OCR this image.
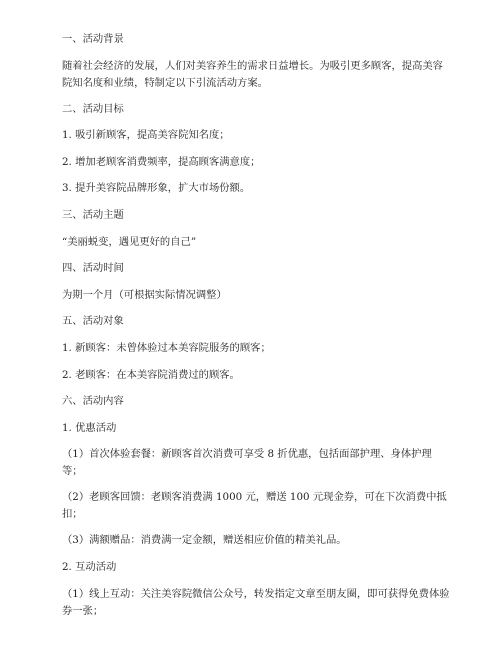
一、活动背景

随着社会经济的发展，人们对美容养生的需求日益增长。为吸引更多顾客，提高美容院知名度和业绩，特制定以下引流活动方案。

二、活动目标

1. 吸引新顾客，提高美容院知名度；

2. 增加老顾客消费频率，提高顾客满意度；

3. 提升美容院品牌形象，扩大市场份额。

三、活动主题

“美丽蜕变，遇见更好的自己”

四、活动时间

为期一个月（可根据实际情况调整）

五、活动对象

1. 新顾客：未曾体验过本美容院服务的顾客；

2. 老顾客：在本美容院消费过的顾客。

六、活动内容

1. 优惠活动

（1）首次体验套餐：新顾客首次消费可享受 8 折优惠，包括面部护理、身体护理等；

（2）老顾客回馈：老顾客消费满 1000 元，赠送 100 元现金券，可在下次消费中抵扣；

（3）满额赠品：消费满一定金额，赠送相应价值的精美礼品。

2. 互动活动

（1）线上互动：关注美容院微信公众号，转发指定文章至朋友圈，即可获得免费体验券一张；
